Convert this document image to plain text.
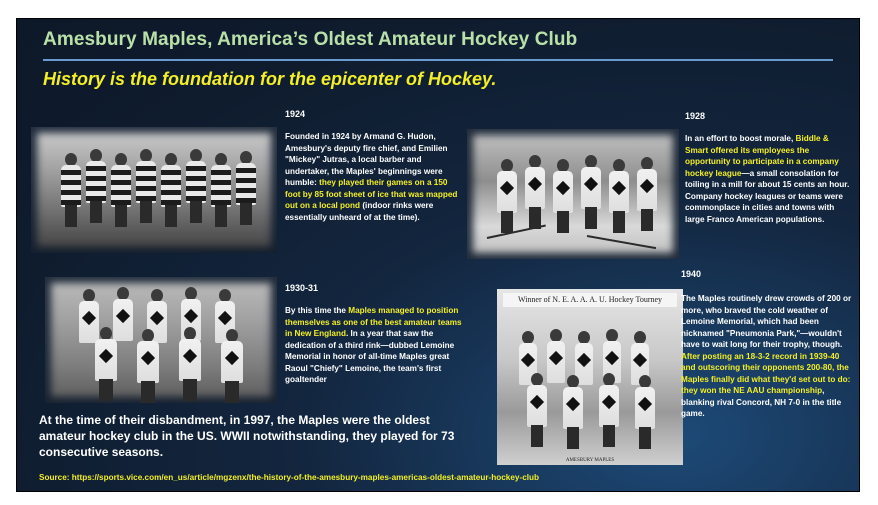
Amesbury Maples, America’s Oldest Amateur Hockey Club
History is the foundation for the epicenter of Hockey.
1924
Founded in 1924 by Armand G. Hudon, Amesbury's deputy fire chief, and Emilien "Mickey" Jutras, a local barber and undertaker, the Maples' beginnings were humble: they played their games on a 150 foot by 85 foot sheet of ice that was mapped out on a local pond (indoor rinks were essentially unheard of at the time).
1928
In an effort to boost morale, Biddle & Smart offered its employees the opportunity to participate in a company hockey league—a small consolation for toiling in a mill for about 15 cents an hour. Company hockey leagues or teams were commonplace in cities and towns with large Franco American populations.
1930-31
By this time the Maples managed to position themselves as one of the best amateur teams in New England. In a year that saw the dedication of a third rink—dubbed Lemoine Memorial in honor of all-time Maples great Raoul "Chiefy" Lemoine, the team's first goaltender
Winner of N. E. A. A. A. U. Hockey Tourney
AMESBURY MAPLES
1940
The Maples routinely drew crowds of 200 or more, who braved the cold weather of Lemoine Memorial, which had been nicknamed "Pneumonia Park,"—wouldn't have to wait long for their trophy, though. After posting an 18-3-2 record in 1939-40 and outscoring their opponents 200-80, the Maples finally did what they'd set out to do: they won the NE AAU championship, blanking rival Concord, NH 7-0 in the title game.
At the time of their disbandment, in 1997, the Maples were the oldest amateur hockey club in the US. WWII notwithstanding, they played for 73 consecutive seasons.
Source: https://sports.vice.com/en_us/article/mgzenx/the-history-of-the-amesbury-maples-americas-oldest-amateur-hockey-club
